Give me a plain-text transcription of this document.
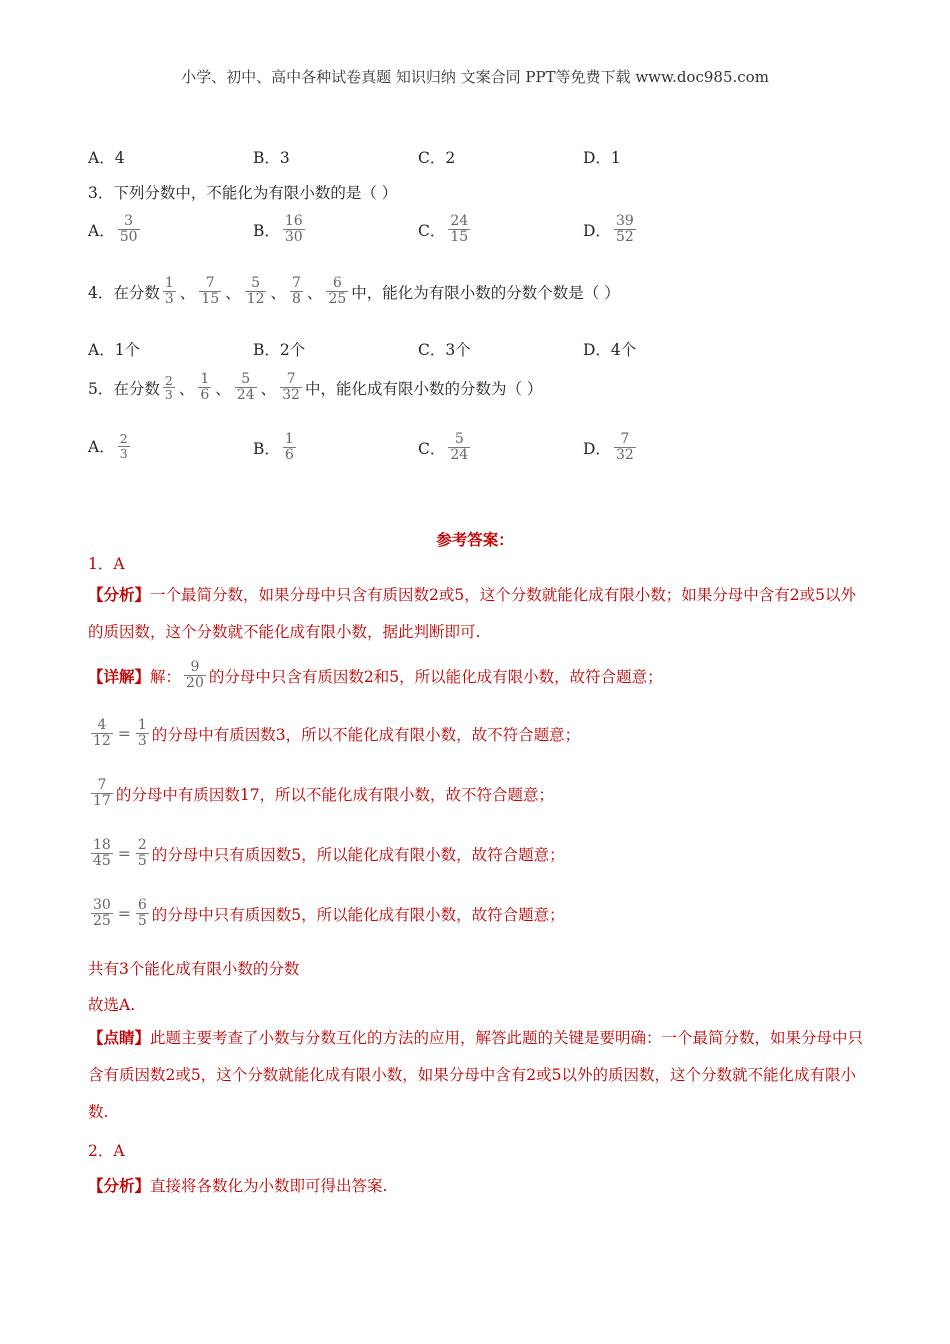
小学、初中、高中各种试卷真题 知识归纳 文案合同 PPT等免费下载 www.doc985.com
A．4	B．3	C．2	D．1
3．下列分数中，不能化为有限小数的是（ ）
A． $\frac{3}{50}$	B． $\frac{16}{30}$	C． $\frac{24}{15}$	D． $\frac{39}{52}$
4．在分数 $\frac{1}{3}$ 、 $\frac{7}{15}$ 、 $\frac{5}{12}$ 、 $\frac{7}{8}$ 、 $\frac{6}{25}$ 中，能化为有限小数的分数个数是（ ）
A．1个	B．2个	C．3个	D．4个
5．在分数 $\frac{2}{3}$ 、 $\frac{1}{6}$ 、 $\frac{5}{24}$ 、 $\frac{7}{32}$ 中，能化成有限小数的分数为（ ）
A． $\frac{2}{3}$	B． $\frac{1}{6}$	C． $\frac{5}{24}$	D． $\frac{7}{32}$
参考答案：
1．A
【分析】一个最简分数，如果分母中只含有质因数2或5，这个分数就能化成有限小数；如果分母中含有2或5以外的质因数，这个分数就不能化成有限小数，据此判断即可.
【详解】 解： $\frac{9}{20}$ 的分母中只含有质因数2和5，所以能化成有限小数，故符合题意；
$\frac{4}{12} = \frac{1}{3}$ 的分母中有质因数3，所以不能化成有限小数，故不符合题意；
$\frac{7}{17}$ 的分母中有质因数17，所以不能化成有限小数，故不符合题意；
$\frac{18}{45} = \frac{2}{5}$ 的分母中只有质因数5，所以能化成有限小数，故符合题意；
$\frac{30}{25} = \frac{6}{5}$ 的分母中只有质因数5，所以能化成有限小数，故符合题意；
共有3个能化成有限小数的分数
故选A.
【点睛】此题主要考查了小数与分数互化的方法的应用，解答此题的关键是要明确：一个最简分数，如果分母中只含有质因数2或5，这个分数就能化成有限小数，如果分母中含有2或5以外的质因数，这个分数就不能化成有限小数.
2．A
【分析】 直接将各数化为小数即可得出答案.
